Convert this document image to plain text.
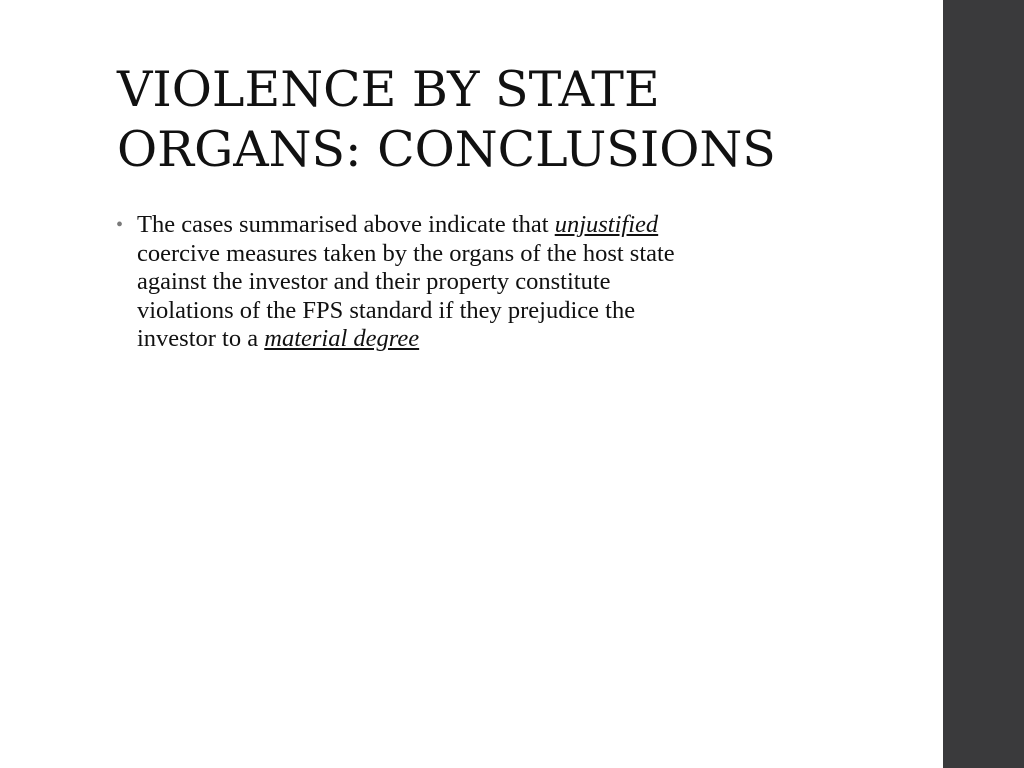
VIOLENCE BY STATE
ORGANS: CONCLUSIONS
• The cases summarised above indicate that unjustified
coercive measures taken by the organs of the host state
against the investor and their property constitute
violations of the FPS standard if they prejudice the
investor to a material degree
